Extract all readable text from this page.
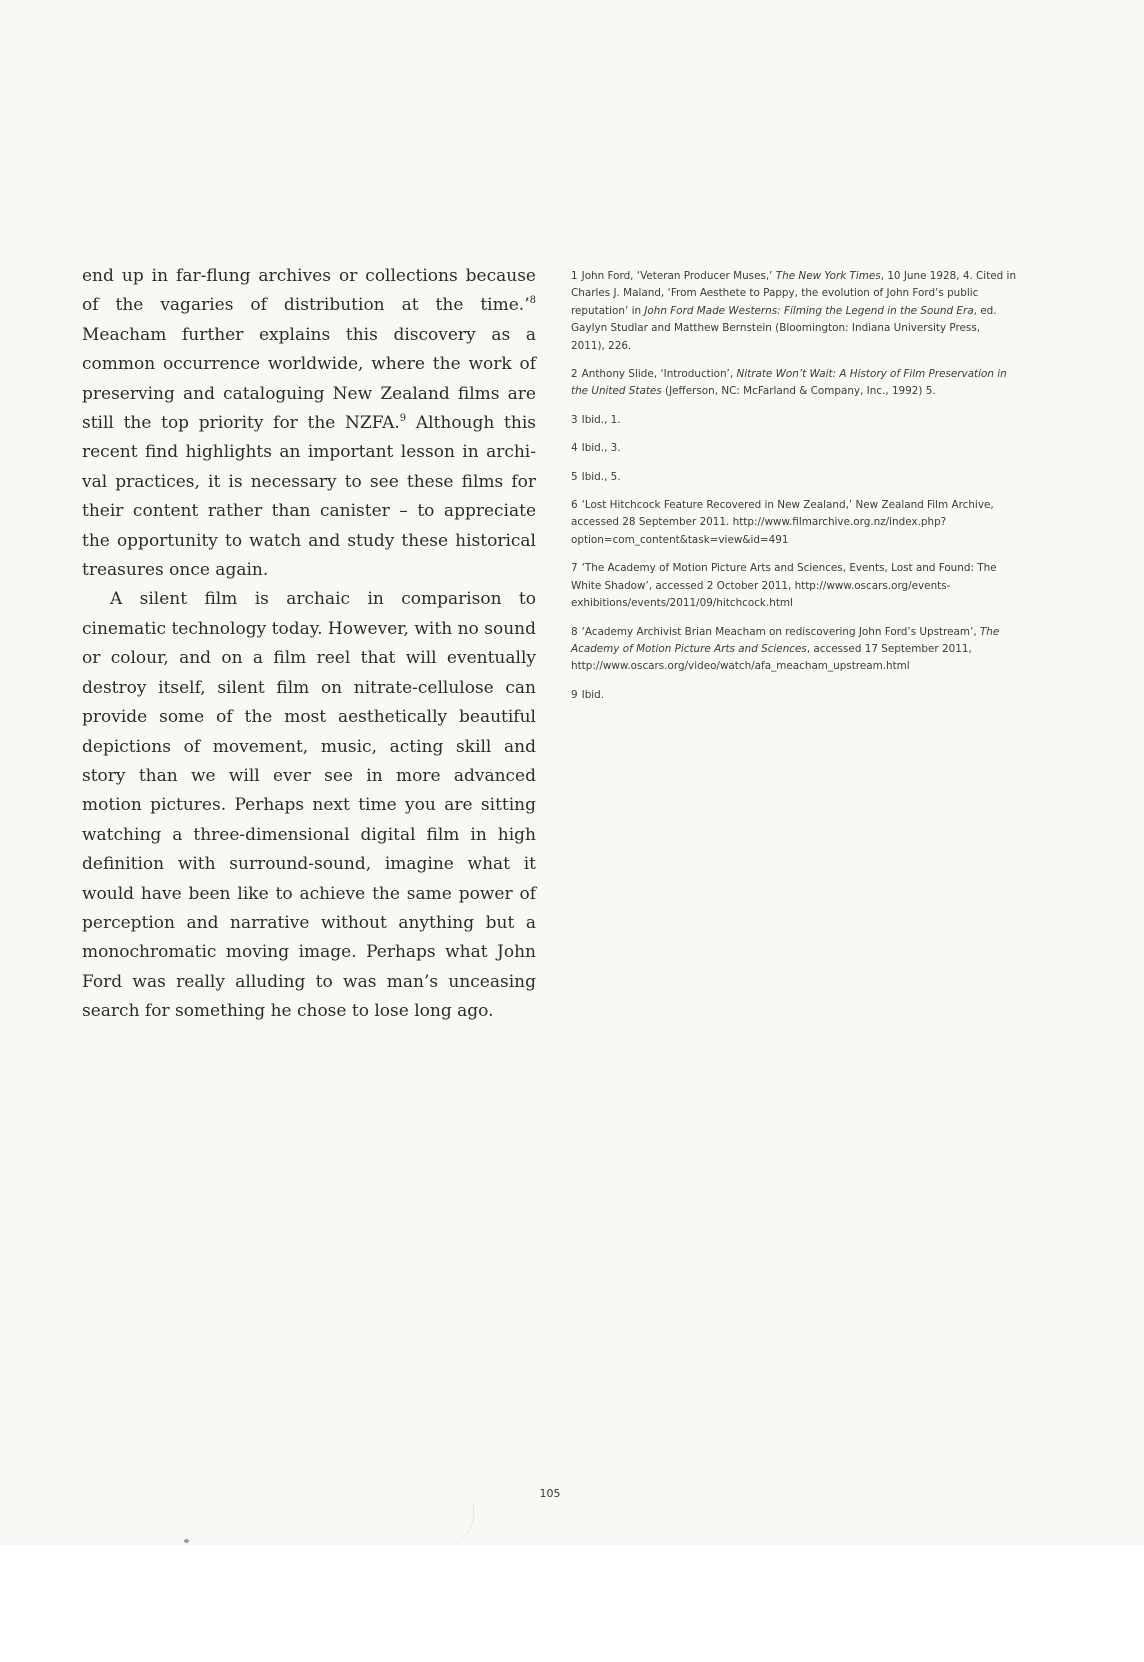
end up in far-flung archives or collections because of the vagaries of distribution at the time.’$^8$ Meacham further explains this discovery as a common occurrence worldwide, where the work of preserving and cataloguing New Zealand films are still the top priority for the NZFA.$^9$ Although this recent find highlights an important lesson in archival practices, it is necessary to see these films for their content rather than canister – to appreciate the opportunity to watch and study these historical treasures once again.

A silent film is archaic in comparison to cinematic technology today. However, with no sound or colour, and on a film reel that will eventually destroy itself, silent film on nitrate-cellulose can provide some of the most aesthetically beautiful depictions of movement, music, acting skill and story than we will ever see in more advanced motion pictures. Perhaps next time you are sitting watching a three-dimensional digital film in high definition with surround-sound, imagine what it would have been like to achieve the same power of perception and narrative without anything but a monochromatic moving image. Perhaps what John Ford was really alluding to was man’s unceasing search for something he chose to lose long ago.

1 John Ford, ‘Veteran Producer Muses,’ The New York Times, 10 June 1928, 4. Cited in Charles J. Maland, ‘From Aesthete to Pappy, the evolution of John Ford’s public reputation’ in John Ford Made Westerns: Filming the Legend in the Sound Era, ed. Gaylyn Studlar and Matthew Bernstein (Bloomington: Indiana University Press, 2011), 226.

2 Anthony Slide, ‘Introduction’, Nitrate Won’t Wait: A History of Film Preservation in the United States (Jefferson, NC: McFarland & Company, Inc., 1992) 5.

3 Ibid., 1.

4 Ibid., 3.

5 Ibid., 5.

6 ‘Lost Hitchcock Feature Recovered in New Zealand,’ New Zealand Film Archive, accessed 28 September 2011. http://www.filmarchive.org.nz/index.php?option=com_content&task=view&id=491

7 ‘The Academy of Motion Picture Arts and Sciences, Events, Lost and Found: The White Shadow’, accessed 2 October 2011, http://www.oscars.org/events-exhibitions/events/2011/09/hitchcock.html

8 ‘Academy Archivist Brian Meacham on rediscovering John Ford’s Upstream’, The Academy of Motion Picture Arts and Sciences, accessed 17 September 2011, http://www.oscars.org/video/watch/afa_meacham_upstream.html

9 Ibid.

105
